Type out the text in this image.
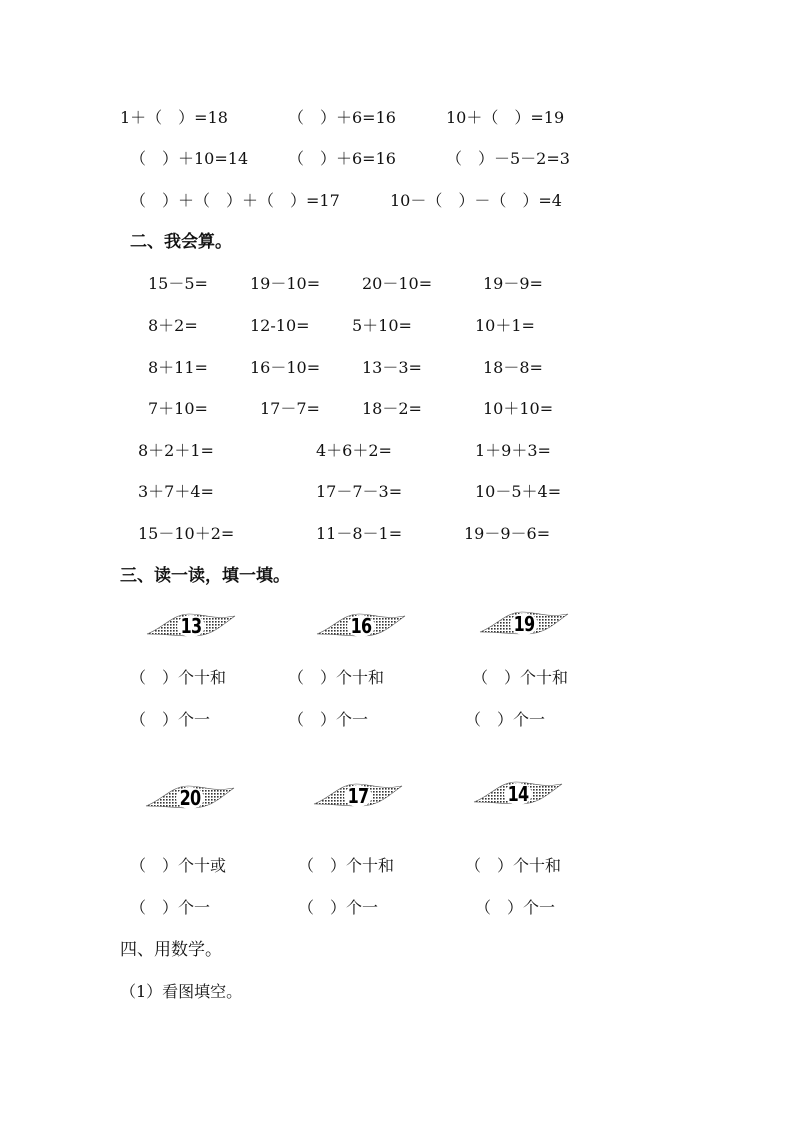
1＋（　）=18	（　）＋6=16	10＋（　）=19
（　）＋10=14 （　）＋6=16	（　）－5－2=3
（　）＋（　）＋（　）=17	10－（　）－（　）=4
二、我会算。
15－5=	19－10=	20－10=	19－9=
8＋2=	12-10=	5＋10=	10＋1=
8＋11=	16－10=	13－3=	18－8=
7＋10=	17－7=	18－2=	10＋10=
8＋2＋1=	4＋6＋2=	1＋9＋3=
3＋7＋4=	17－7－3=	10－5＋4=
15－10＋2=	11－8－1=	19－9－6=
三、读一读，填一填。
13	16	19
（　）个十和	（　）个十和	（　）个十和
（　）个一	（　）个一	（　）个一
20	17	14
（　）个十或	（　）个十和	（　）个十和
（　）个一	（　）个一	（　）个一
四、用数学。
（1）看图填空。
